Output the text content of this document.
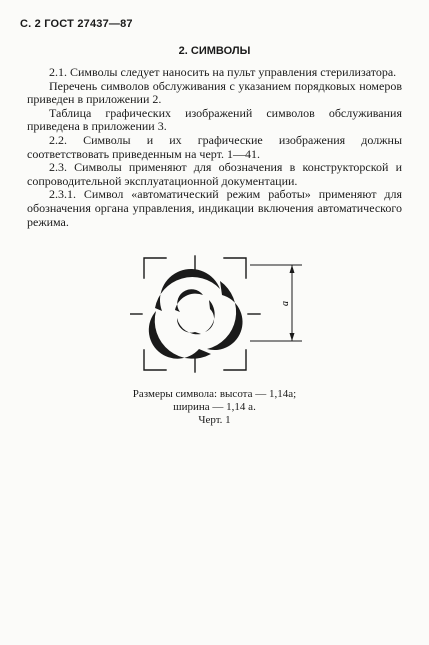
С. 2 ГОСТ 27437—87
2. СИМВОЛЫ

2.1. Символы следует наносить на пульт управления стерилизатора.

Перечень символов обслуживания с указанием порядковых номеров приведен в приложении 2.

Таблица графических изображений символов обслуживания приведена в приложении 3.

2.2. Символы и их графические изображения должны соответствовать приведенным на черт. 1—41.

2.3. Символы применяют для обозначения в конструкторской и сопроводительной эксплуатационной документации.

2.3.1. Символ «автоматический режим работы» применяют для обозначения органа управления, индикации включения автоматического режима.

a
Размеры символа: высота — 1,14a;
ширина — 1,14 a.
Черт. 1
